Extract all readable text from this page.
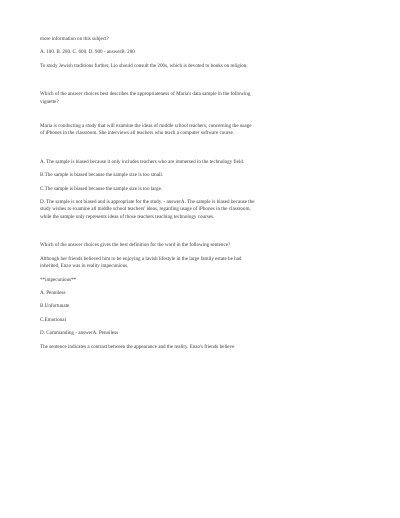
more information on this subject?

A. 100. B. 200. C. 600. D. 900 - answerB. 200

To study Jewish traditions further, Lio should consult the 200s, which is devoted to books on religion.

Which of the answer choices best describes the appropriateness of Maria's data sample in the following vignette?

Maria is conducting a study that will examine the ideas of middle school teachers, concerning the usage of iPhones in the classroom. She interviews all teachers who teach a computer software course.

A. The sample is biased because it only includes teachers who are immersed in the technology field.

B.The sample is biased because the sample size is too small.

C.The sample is biased because the sample size is too large.

D. The sample is not biased and is appropriate for the study. - answerA. The sample is biased because the study wishes to examine all middle school teachers' ideas, regarding usage of iPhones in the classroom, while the sample only represents ideas of those teachers teaching technology courses.

Which of the answer choices gives the best definition for the word in the following sentence?

Although her friends believed him to be enjoying a lavish lifestyle in the large family estate he had inherited, Enzo was in reality impecunious.

**impecunious**

A. Penniless

B.Unfortunate

C.Emotional

D. Commanding - answerA. Penniless

The sentence indicates a contrast between the appearance and the reality. Enzo's friends believe
